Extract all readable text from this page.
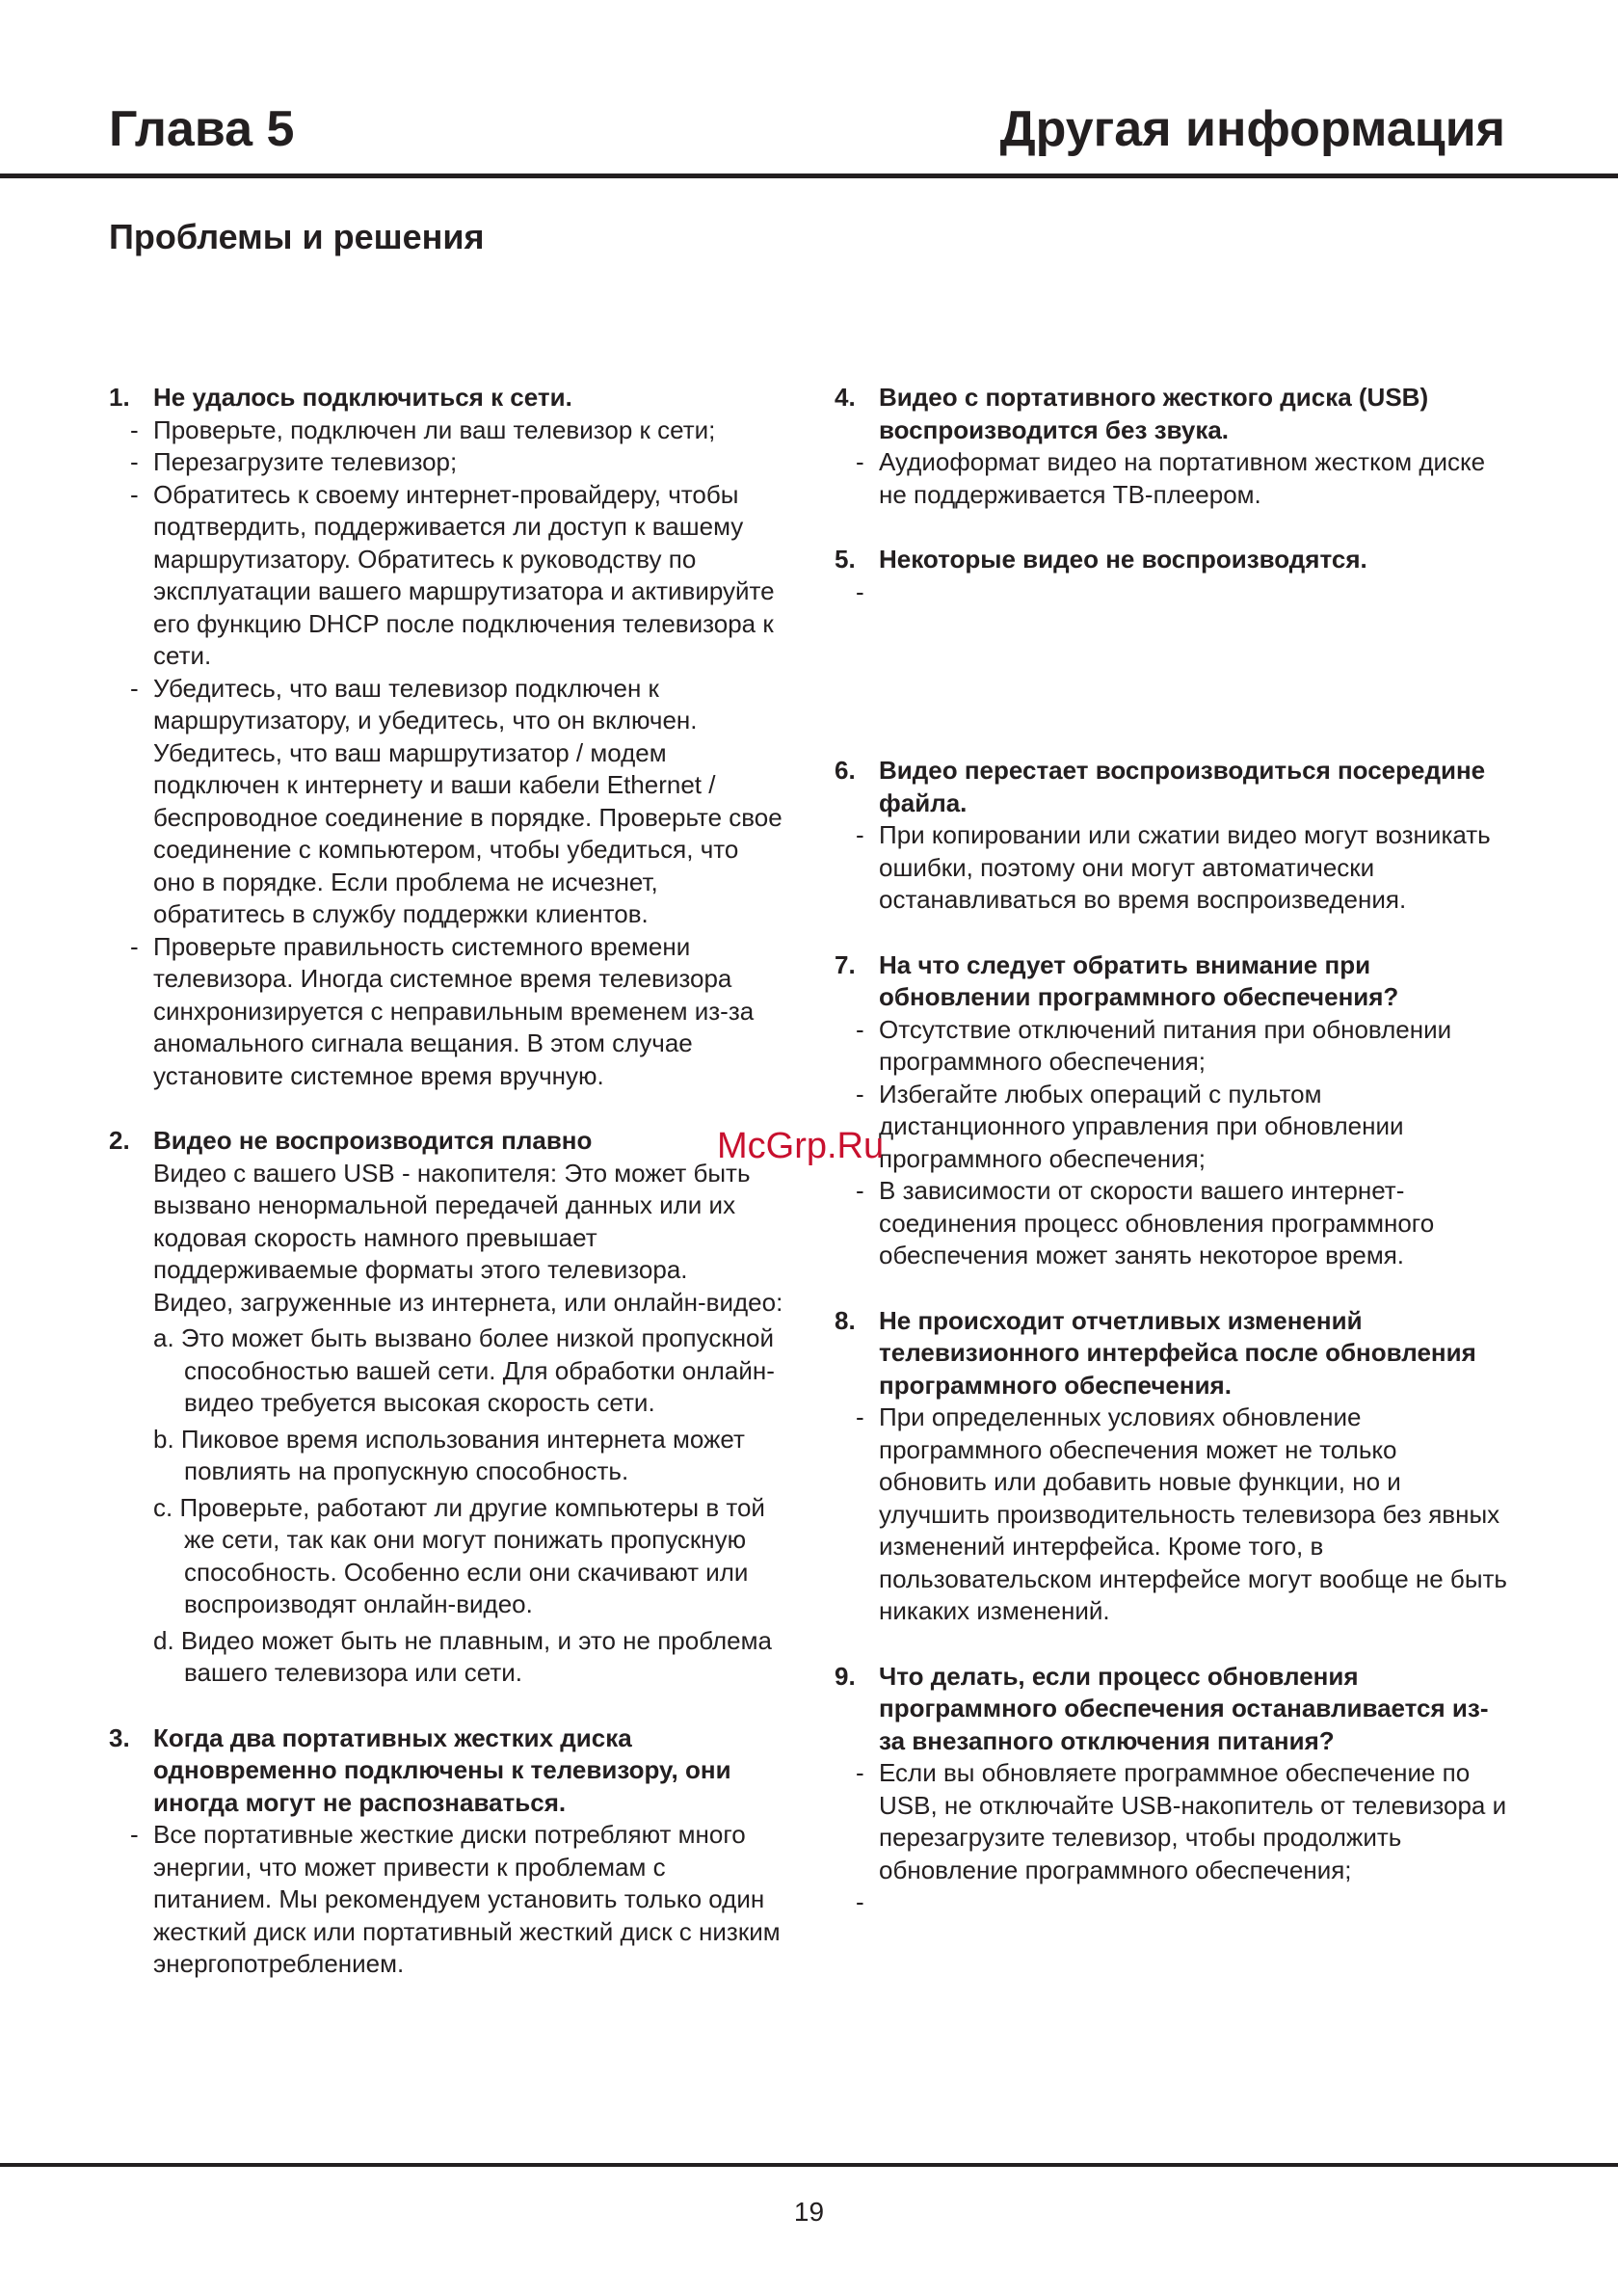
Глава 5	Другая информация
Проблемы и решения
1. Не удалось подключиться к сети.
- Проверьте, подключен ли ваш телевизор к сети;
- Перезагрузите телевизор;
- Обратитесь к своему интернет-провайдеру, чтобы подтвердить, поддерживается ли доступ к вашему маршрутизатору. Обратитесь к руководству по эксплуатации вашего маршрутизатора и активируйте его функцию DHCP после подключения телевизора к сети.
- Убедитесь, что ваш телевизор подключен к маршрутизатору, и убедитесь, что он включен. Убедитесь, что ваш маршрутизатор / модем подключен к интернету и ваши кабели Ethernet / беспроводное соединение в порядке. Проверьте свое соединение с компьютером, чтобы убедиться, что оно в порядке. Если проблема не исчезнет, обратитесь в службу поддержки клиентов.
- Проверьте правильность системного времени телевизора. Иногда системное время телевизора синхронизируется с неправильным временем из-за аномального сигнала вещания. В этом случае установите системное время вручную.
2. Видео не воспроизводится плавно
Видео с вашего USB - накопителя: Это может быть вызвано ненормальной передачей данных или их кодовая скорость намного превышает поддерживаемые форматы этого телевизора.
Видео, загруженные из интернета, или онлайн-видео:
a. Это может быть вызвано более низкой пропускной способностью вашей сети. Для обработки онлайн-видео требуется высокая скорость сети.
b. Пиковое время использования интернета может повлиять на пропускную способность.
c. Проверьте, работают ли другие компьютеры в той же сети, так как они могут понижать пропускную способность. Особенно если они скачивают или воспроизводят онлайн-видео.
d. Видео может быть не плавным, и это не проблема вашего телевизора или сети.
3. Когда два портативных жестких диска одновременно подключены к телевизору, они иногда могут не распознаваться.
- Все портативные жесткие диски потребляют много энергии, что может привести к проблемам с питанием. Мы рекомендуем установить только один жесткий диск или портативный жесткий диск с низким энергопотреблением.
4. Видео с портативного жесткого диска (USB) воспроизводится без звука.
- Аудиоформат видео на портативном жестком диске не поддерживается ТВ-плеером.
5. Некоторые видео не воспроизводятся.
-
6. Видео перестает воспроизводиться посередине файла.
- При копировании или сжатии видео могут возникать ошибки, поэтому они могут автоматически останавливаться во время воспроизведения.
7. На что следует обратить внимание при обновлении программного обеспечения?
- Отсутствие отключений питания при обновлении программного обеспечения;
- Избегайте любых операций с пультом дистанционного управления при обновлении программного обеспечения;
- В зависимости от скорости вашего интернет-соединения процесс обновления программного обеспечения может занять некоторое время.
8. Не происходит отчетливых изменений телевизионного интерфейса после обновления программного обеспечения.
- При определенных условиях обновление программного обеспечения может не только обновить или добавить новые функции, но и улучшить производительность телевизора без явных изменений интерфейса. Кроме того, в пользовательском интерфейсе могут вообще не быть никаких изменений.
9. Что делать, если процесс обновления программного обеспечения останавливается из-за внезапного отключения питания?
- Если вы обновляете программное обеспечение по USB, не отключайте USB-накопитель от телевизора и перезагрузите телевизор, чтобы продолжить обновление программного обеспечения;
-
McGrp.Ru
19
